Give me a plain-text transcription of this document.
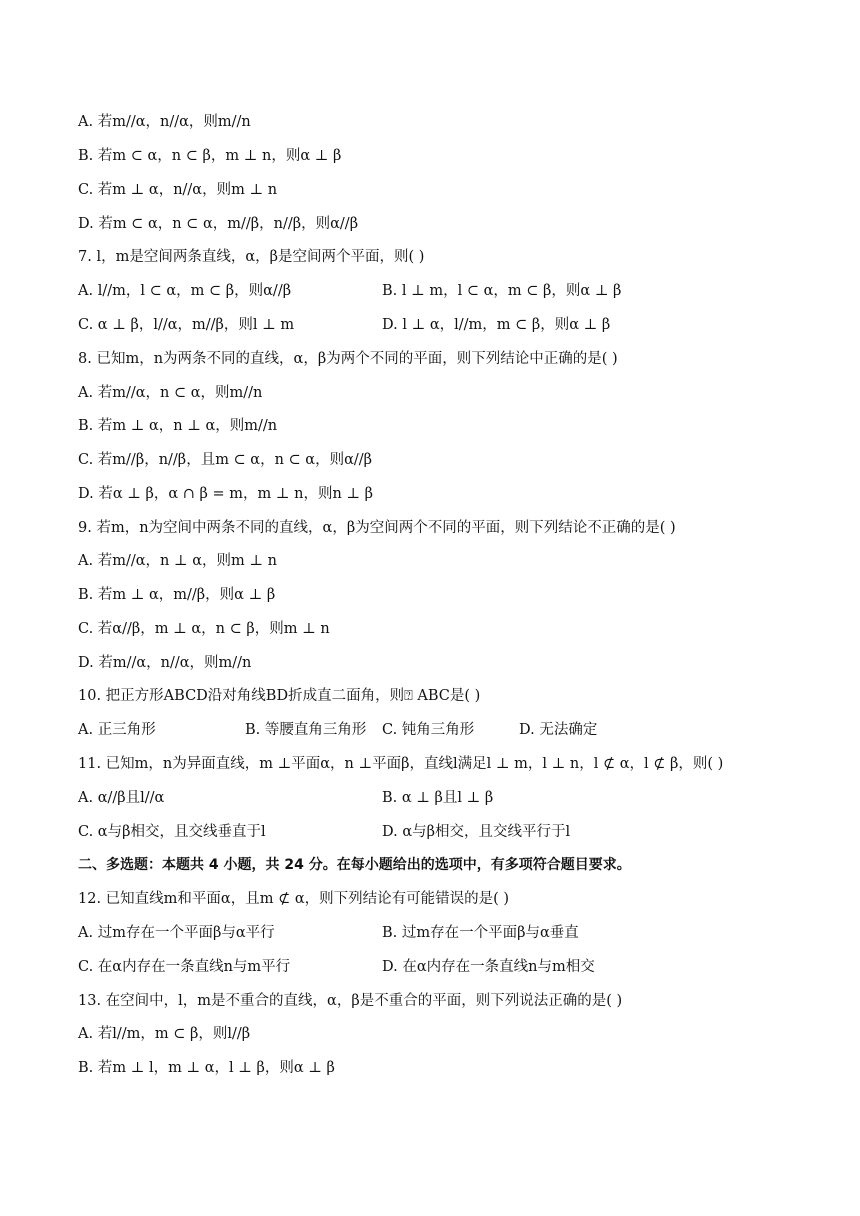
A. 若m//α，n//α，则m//n
B. 若m ⊂ α，n ⊂ β，m ⊥ n，则α ⊥ β
C. 若m ⊥ α，n//α，则m ⊥ n
D. 若m ⊂ α，n ⊂ α，m//β，n//β，则α//β
7. l，m是空间两条直线，α，β是空间两个平面，则( )
A. l//m，l ⊂ α，m ⊂ β，则α//β	B. l ⊥ m，l ⊂ α，m ⊂ β，则α ⊥ β
C. α ⊥ β，l//α，m//β，则l ⊥ m	D. l ⊥ α，l//m，m ⊂ β，则α ⊥ β
8. 已知m，n为两条不同的直线，α，β为两个不同的平面，则下列结论中正确的是( )
A. 若m//α，n ⊂ α，则m//n
B. 若m ⊥ α，n ⊥ α，则m//n
C. 若m//β，n//β，且m ⊂ α，n ⊂ α，则α//β
D. 若α ⊥ β，α ∩ β = m，m ⊥ n，则n ⊥ β
9. 若m，n为空间中两条不同的直线，α，β为空间两个不同的平面，则下列结论不正确的是( )
A. 若m//α，n ⊥ α，则m ⊥ n
B. 若m ⊥ α，m//β，则α ⊥ β
C. 若α//β，m ⊥ α，n ⊂ β，则m ⊥ n
D. 若m//α，n//α，则m//n
10. 把正方形ABCD沿对角线BD折成直二面角，则⍰ ABC是( )
A. 正三角形	B. 等腰直角三角形 C. 钝角三角形	D. 无法确定
11. 已知m，n为异面直线，m ⊥平面α，n ⊥平面β，直线l满足l ⊥ m，l ⊥ n，l ⊄ α，l ⊄ β，则( )
A. α//β且l//α	B. α ⊥ β且l ⊥ β
C. α与β相交，且交线垂直于l	D. α与β相交，且交线平行于l
二、多选题：本题共 4 小题，共 24 分。在每小题给出的选项中，有多项符合题目要求。
12. 已知直线m和平面α，且m ⊄ α，则下列结论有可能错误的是( )
A. 过m存在一个平面β与α平行	B. 过m存在一个平面β与α垂直
C. 在α内存在一条直线n与m平行	D. 在α内存在一条直线n与m相交
13. 在空间中，l，m是不重合的直线，α，β是不重合的平面，则下列说法正确的是( )
A. 若l//m，m ⊂ β，则l//β
B. 若m ⊥ l，m ⊥ α，l ⊥ β，则α ⊥ β
